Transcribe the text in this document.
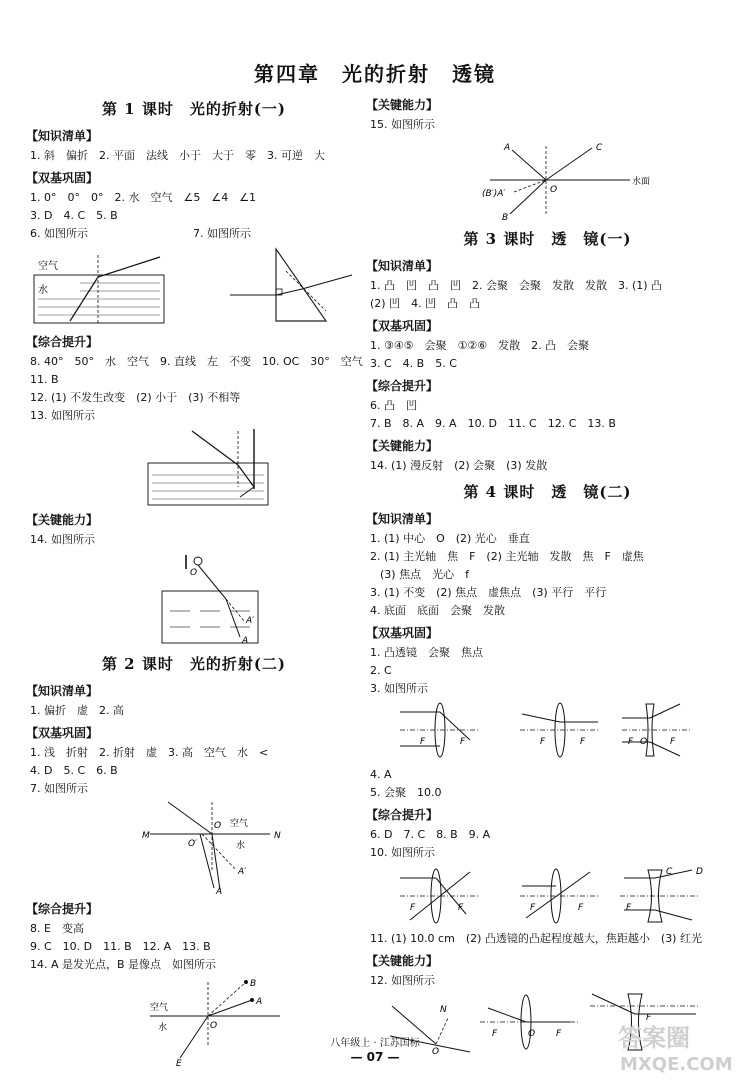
第四章　光的折射　透镜
第 1 课时　光的折射(一)
【知识清单】
1. 斜　偏折　2. 平面　法线　小于　大于　零　3. 可逆　大
【双基巩固】
1. 0°　0°　0°　2. 水　空气　∠5　∠4　∠1
3. D　4. C　5. B
6. 如图所示	7. 如图所示
空气
水
【综合提升】
8. 40°　50°　水　空气　9. 直线　左　不变　10. OC　30°　空气
11. B
12. (1) 不发生改变　(2) 小于　(3) 不相等
13. 如图所示
【关键能力】
14. 如图所示
O
A
A′
第 2 课时　光的折射(二)
【知识清单】
1. 偏折　虚　2. 高
【双基巩固】
1. 浅　折射　2. 折射　虚　3. 高　空气　水　<
4. D　5. C　6. B
7. 如图所示
M	N
O
O′
空气
水
A
A′
【综合提升】
8. E　变高
9. C　10. D　11. B　12. A　13. B
14. A 是发光点，B 是像点　如图所示
空气
水	O
A
B
E
【关键能力】
15. 如图所示
A	C
O
(B′)A′
B
水面
第 3 课时　透　镜(一)
【知识清单】
1. 凸　凹　凸　凹　2. 会聚　会聚　发散　发散　3. (1) 凸
(2) 凹　4. 凹　凸　凸
【双基巩固】
1. ③④⑤　会聚　①②⑥　发散　2. 凸　会聚
3. C　4. B　5. C
【综合提升】
6. 凸　凹
7. B　8. A　9. A　10. D　11. C　12. C　13. B
【关键能力】
14. (1) 漫反射　(2) 会聚　(3) 发散
第 4 课时　透　镜(二)
【知识清单】
1. (1) 中心　O　(2) 光心　垂直
2. (1) 主光轴　焦　F　(2) 主光轴　发散　焦　F　虚焦
(3) 焦点　光心　f
3. (1) 不变　(2) 焦点　虚焦点　(3) 平行　平行
4. 底面　底面　会聚　发散
【双基巩固】
1. 凸透镜　会聚　焦点
2. C
3. 如图所示
F	F	F	F	F O	F
4. A
5. 会聚　10.0
【综合提升】
6. D　7. C　8. B　9. A
10. 如图所示
F	F	F	F	F
C	D
11. (1) 10.0 cm　(2) 凸透镜的凸起程度越大，焦距越小　(3) 红光
【关键能力】
12. 如图所示
N
O
F	O F
F
八年级上 · 江苏国标
— 07 —
答案圈
MXQE.COM
